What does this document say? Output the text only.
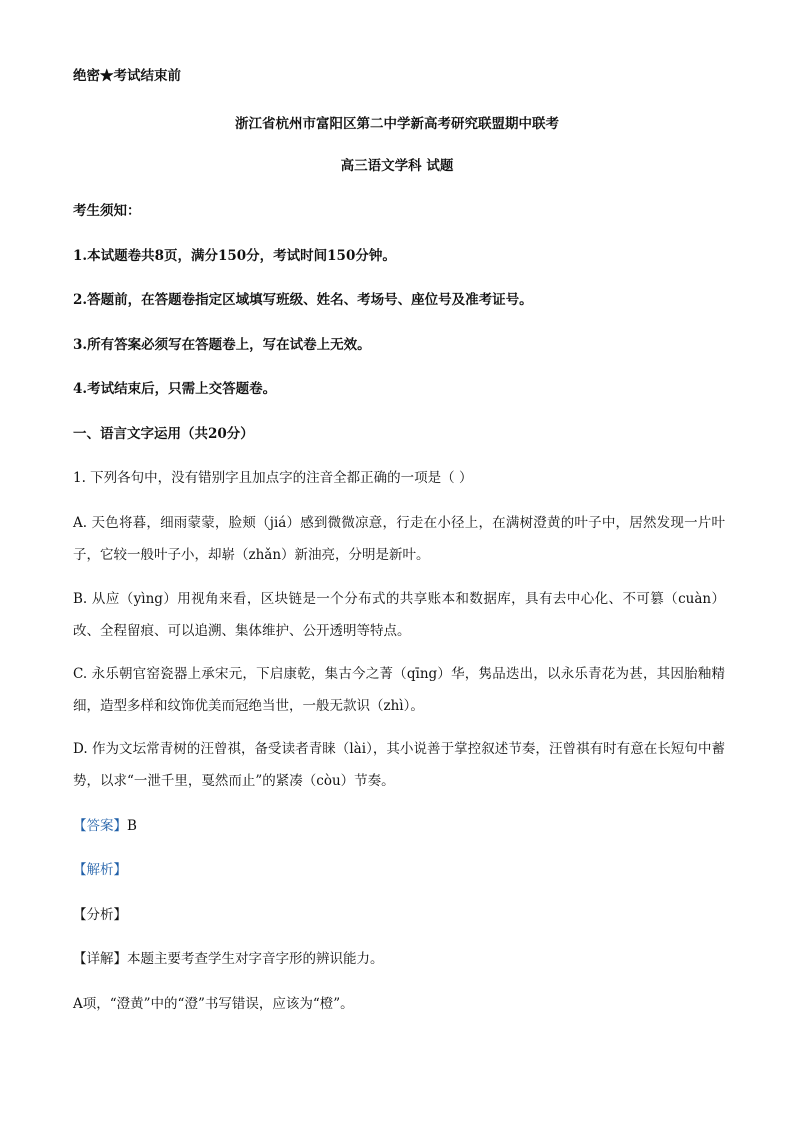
绝密★考试结束前
浙江省杭州市富阳区第二中学新高考研究联盟期中联考
高三语文学科 试题
考生须知：
1.本试题卷共8页，满分150分，考试时间150分钟。
2.答题前，在答题卷指定区域填写班级、姓名、考场号、座位号及准考证号。
3.所有答案必须写在答题卷上，写在试卷上无效。
4.考试结束后，只需上交答题卷。
一、语言文字运用（共20分）
1. 下列各句中，没有错别字且加点字的注音全都正确的一项是（ ）
A. 天色将暮，细雨蒙蒙，脸颊（jiá）感到微微凉意，行走在小径上，在满树澄黄的叶子中，居然发现一片叶子，它较一般叶子小，却崭（zhǎn）新油亮，分明是新叶。
B. 从应（yìng）用视角来看，区块链是一个分布式的共享账本和数据库，具有去中心化、不可篡（cuàn）改、全程留痕、可以追溯、集体维护、公开透明等特点。
C. 永乐朝官窑瓷器上承宋元，下启康乾，集古今之菁（qīng）华，隽品迭出，以永乐青花为甚，其因胎釉精细，造型多样和纹饰优美而冠绝当世，一般无款识（zhì）。
D. 作为文坛常青树的汪曾祺，备受读者青睐（lài），其小说善于掌控叙述节奏，汪曾祺有时有意在长短句中蓄势，以求“一泄千里，戛然而止”的紧凑（còu）节奏。
【答案】B
【解析】
【分析】
【详解】本题主要考查学生对字音字形的辨识能力。
A项，“澄黄”中的“澄”书写错误，应该为“橙”。
